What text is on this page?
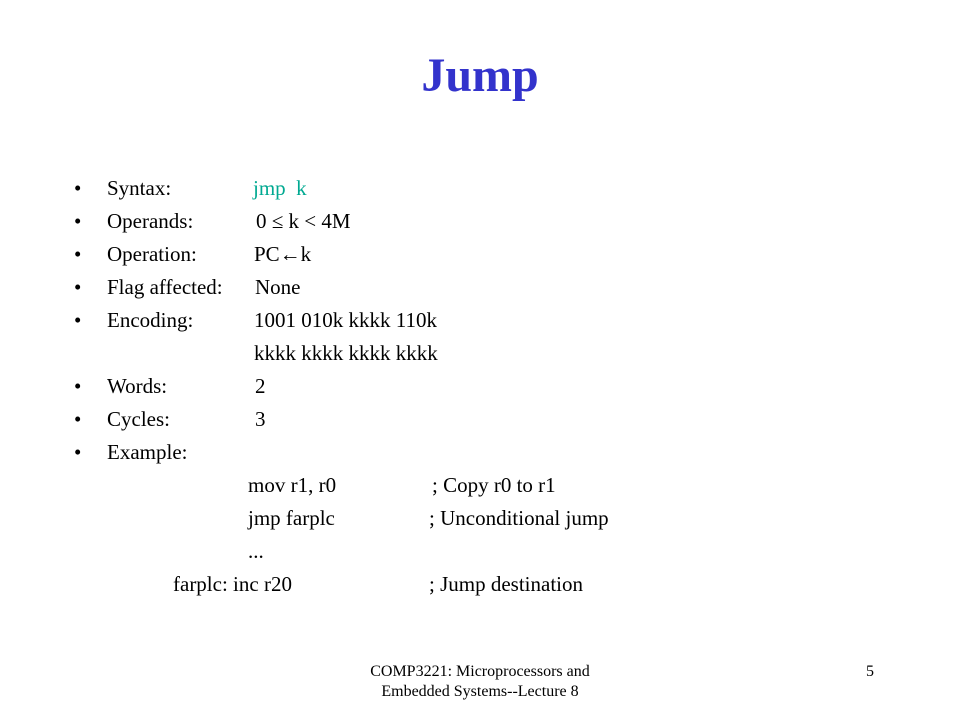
Jump
• Syntax:	jmp  k
• Operands:	0 ≤ k < 4M
• Operation:	PC←k
• Flag affected: None
• Encoding:	1001 010k kkkk 110k
kkkk kkkk kkkk kkkk
• Words:	2
• Cycles:	3
• Example:
mov r1, r0	; Copy r0 to r1
jmp farplc	; Unconditional jump
...
farplc: inc r20	; Jump destination
COMP3221: Microprocessors and
Embedded Systems--Lecture 8
5
